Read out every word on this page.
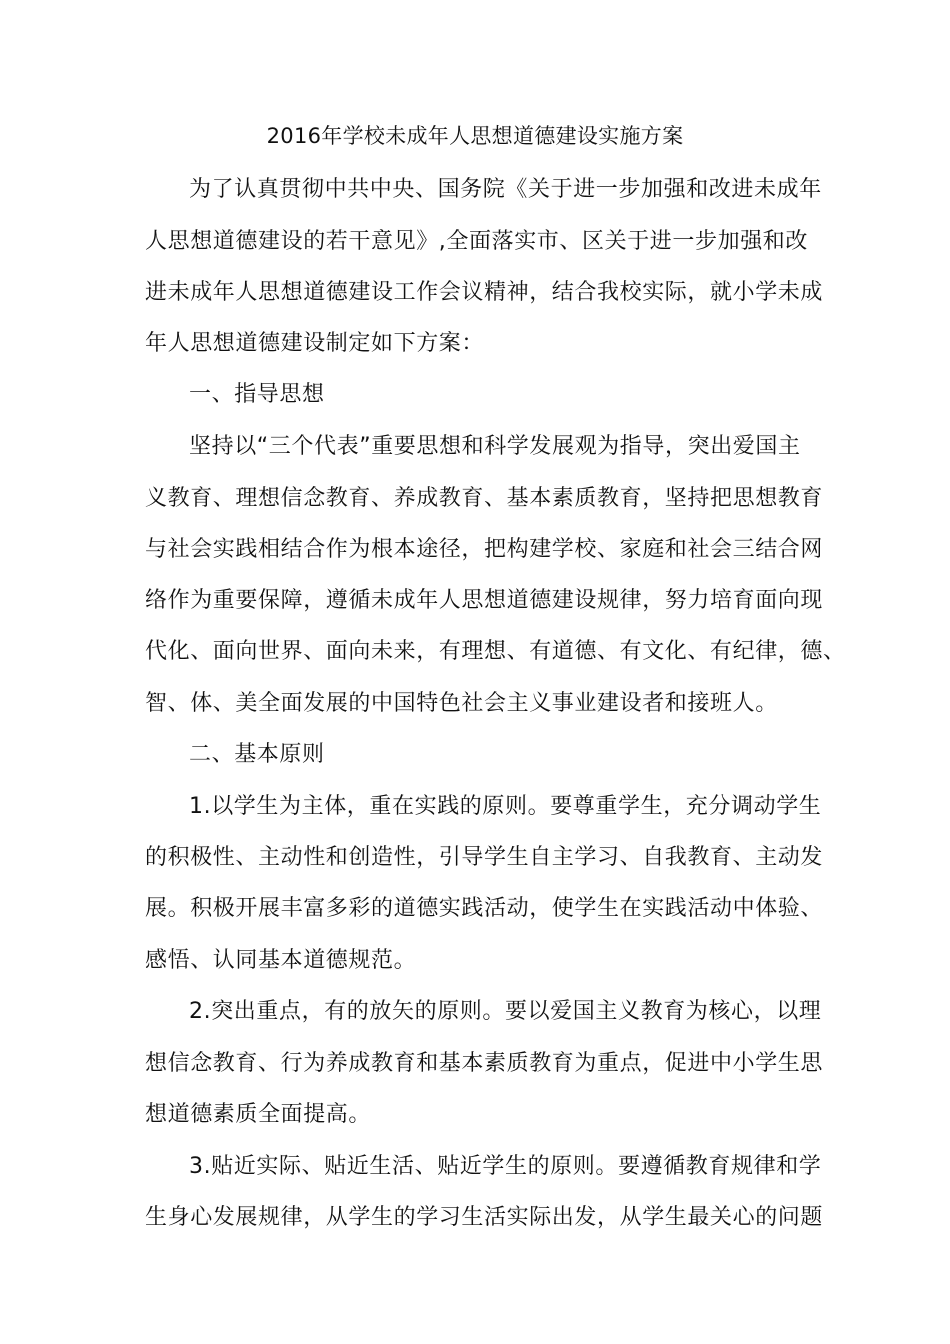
2016年学校未成年人思想道德建设实施方案
为了认真贯彻中共中央、国务院《关于进一步加强和改进未成年
人思想道德建设的若干意见》,全面落实市、区关于进一步加强和改
进未成年人思想道德建设工作会议精神，结合我校实际，就小学未成
年人思想道德建设制定如下方案：
一、指导思想
坚持以“三个代表”重要思想和科学发展观为指导，突出爱国主
义教育、理想信念教育、养成教育、基本素质教育，坚持把思想教育
与社会实践相结合作为根本途径，把构建学校、家庭和社会三结合网
络作为重要保障，遵循未成年人思想道德建设规律，努力培育面向现
代化、面向世界、面向未来，有理想、有道德、有文化、有纪律，德、
智、体、美全面发展的中国特色社会主义事业建设者和接班人。
二、基本原则
1.以学生为主体，重在实践的原则。要尊重学生，充分调动学生
的积极性、主动性和创造性，引导学生自主学习、自我教育、主动发
展。积极开展丰富多彩的道德实践活动，使学生在实践活动中体验、
感悟、认同基本道德规范。
2.突出重点，有的放矢的原则。要以爱国主义教育为核心，以理
想信念教育、行为养成教育和基本素质教育为重点，促进中小学生思
想道德素质全面提高。
3.贴近实际、贴近生活、贴近学生的原则。要遵循教育规律和学
生身心发展规律，从学生的学习生活实际出发，从学生最关心的问题
